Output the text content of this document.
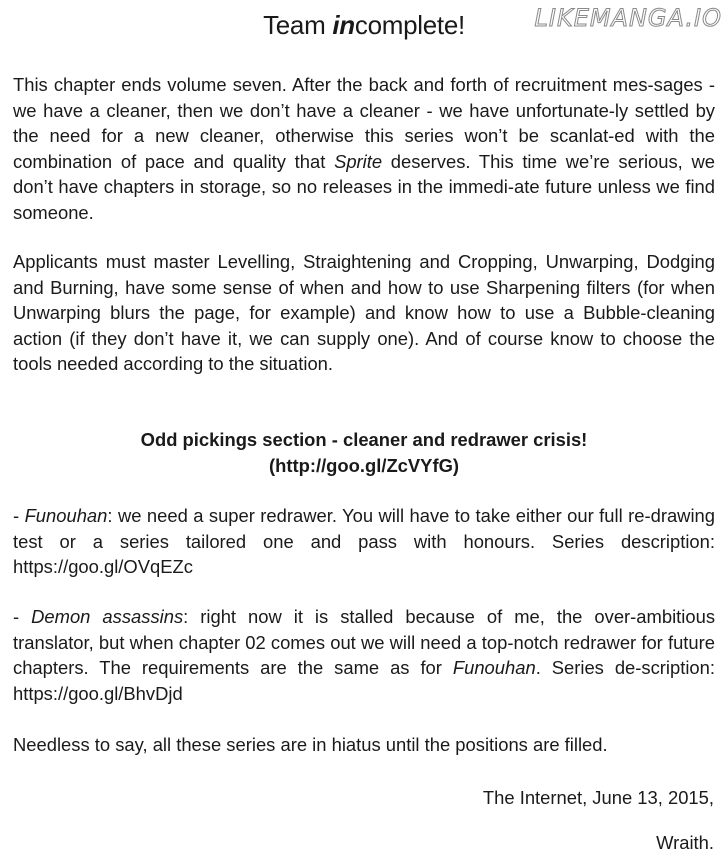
Team incomplete!	LIKEMANGA.IO

This chapter ends volume seven. After the back and forth of recruitment mes-sages - we have a cleaner, then we don’t have a cleaner - we have unfortunate-ly settled by the need for a new cleaner, otherwise this series won’t be scanlat-ed with the combination of pace and quality that Sprite deserves. This time we’re serious, we don’t have chapters in storage, so no releases in the immedi-ate future unless we find someone.

Applicants must master Levelling, Straightening and Cropping, Unwarping, Dodging and Burning, have some sense of when and how to use Sharpening filters (for when Unwarping blurs the page, for example) and know how to use a Bubble-cleaning action (if they don’t have it, we can supply one). And of course know to choose the tools needed according to the situation.

Odd pickings section - cleaner and redrawer crisis!
(http://goo.gl/ZcVYfG)

- Funouhan: we need a super redrawer. You will have to take either our full re-drawing test or a series tailored one and pass with honours. Series description: https://goo.gl/OVqEZc

- Demon assassins: right now it is stalled because of me, the over-ambitious translator, but when chapter 02 comes out we will need a top-notch redrawer for future chapters. The requirements are the same as for Funouhan. Series de-scription: https://goo.gl/BhvDjd

Needless to say, all these series are in hiatus until the positions are filled.

The Internet, June 13, 2015,

Wraith.
